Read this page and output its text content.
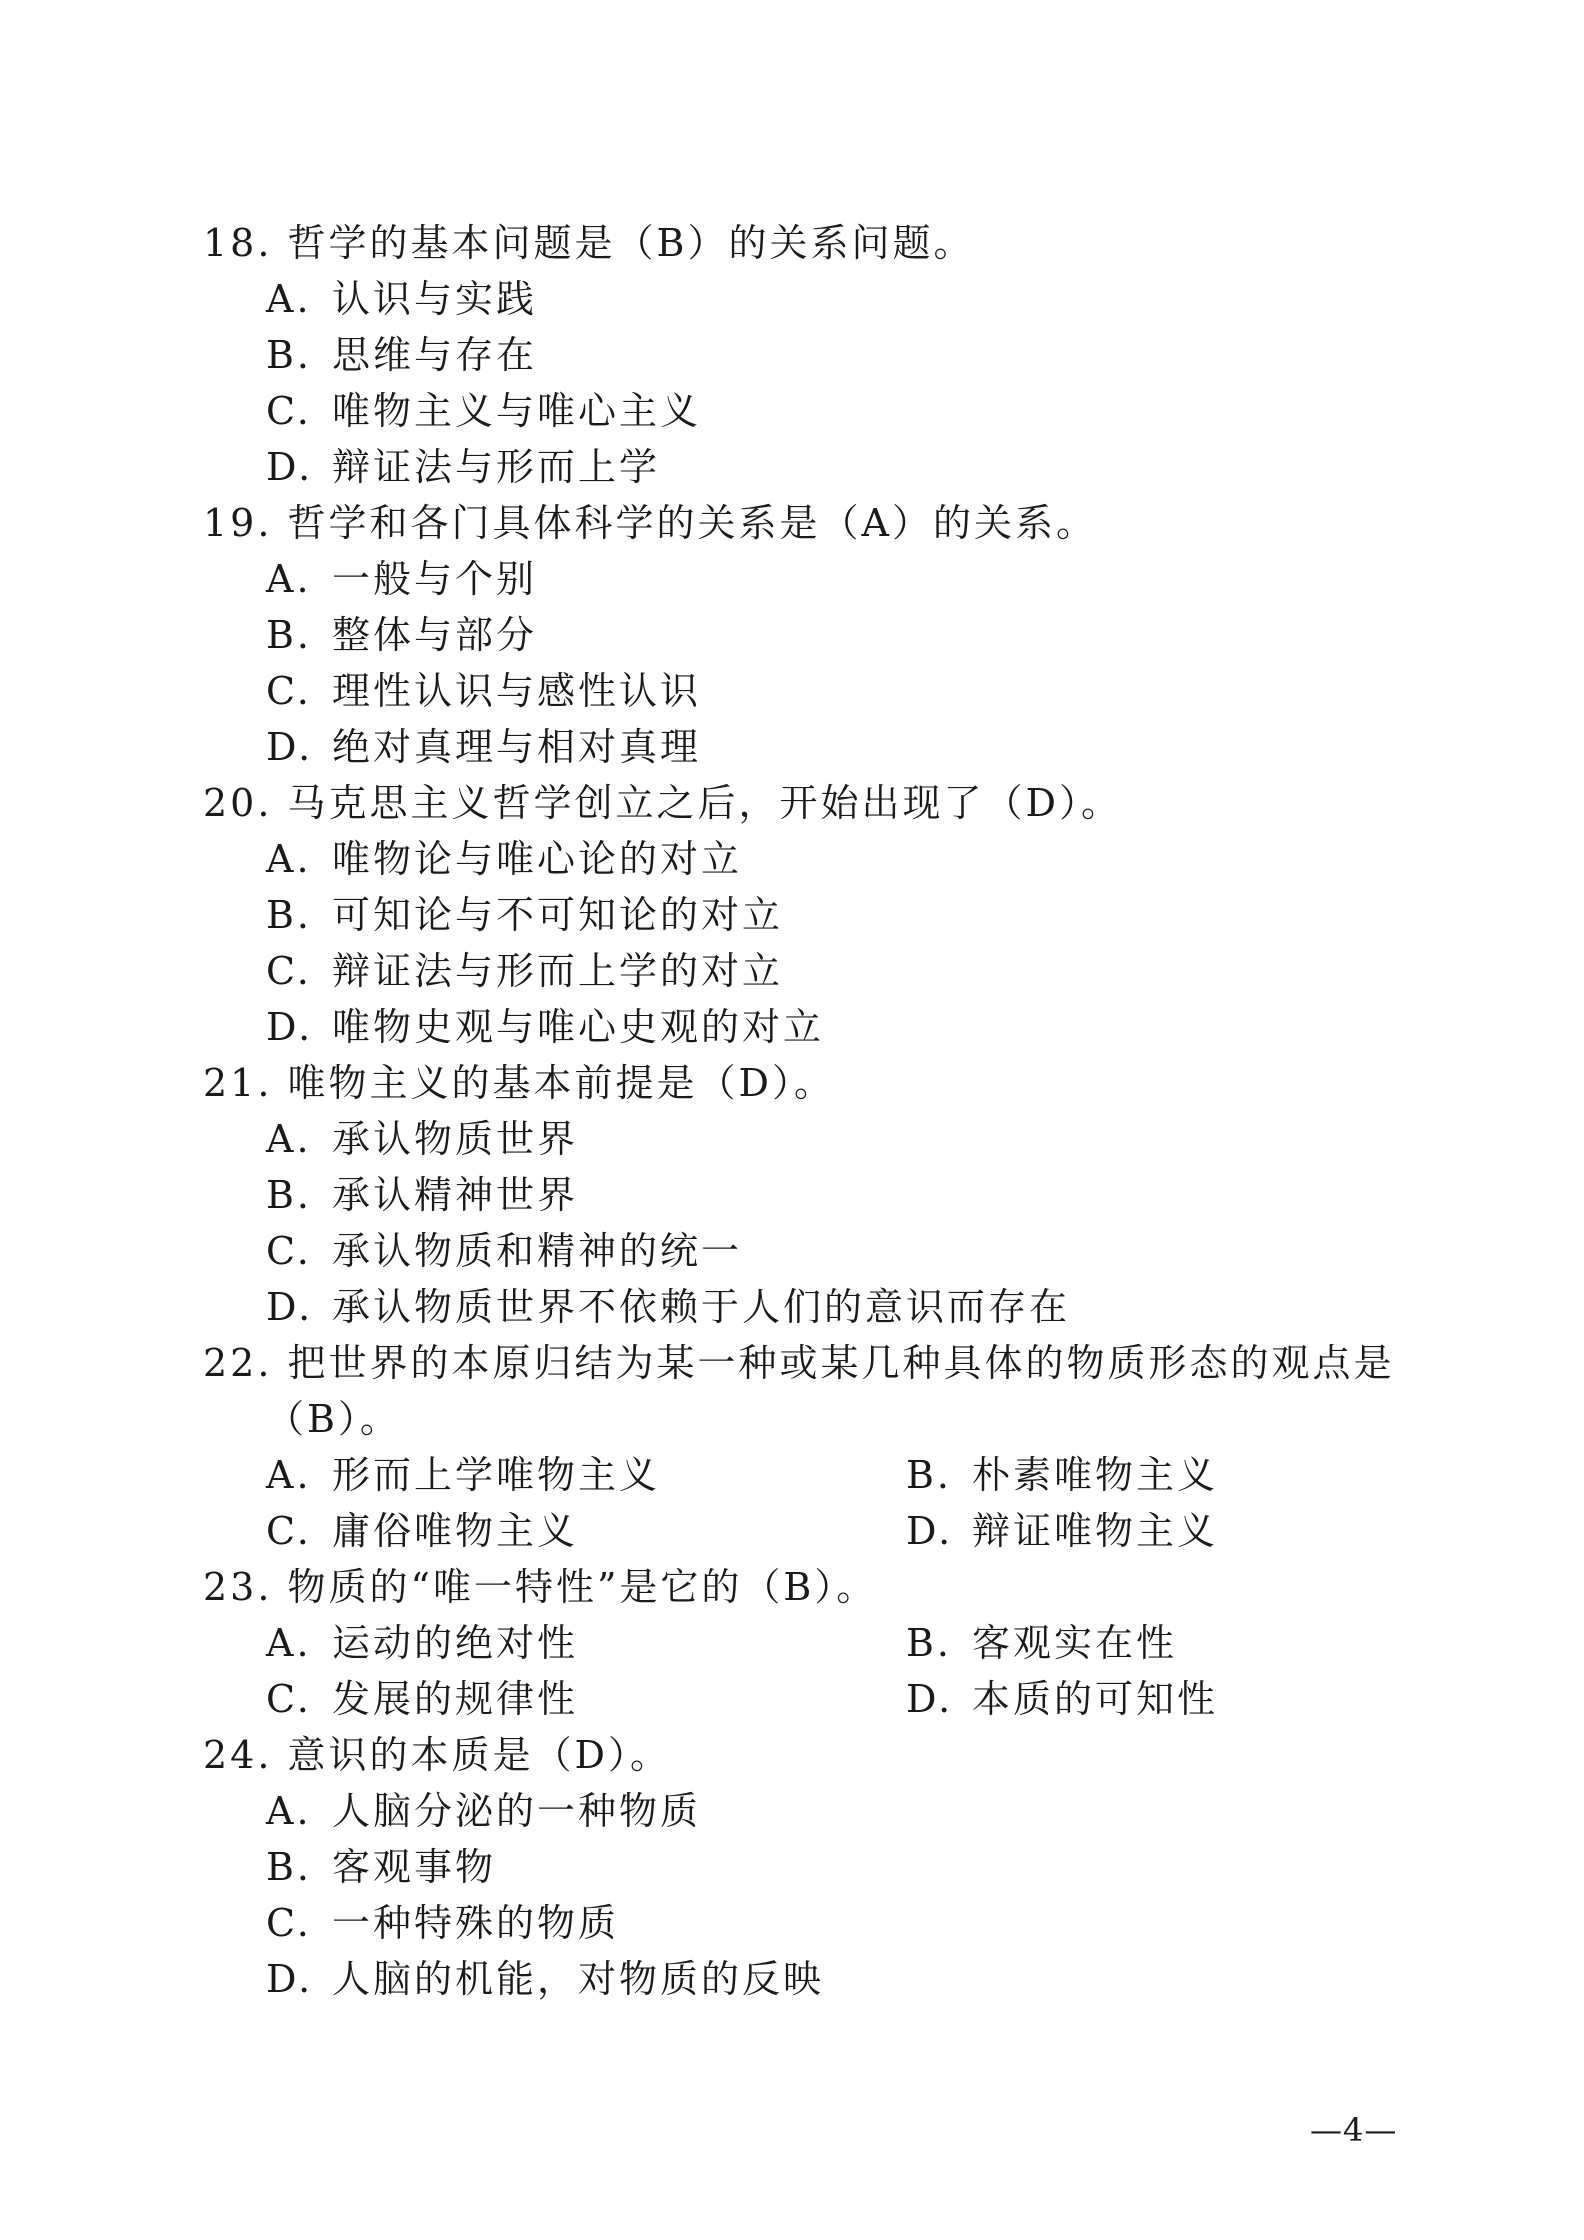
18. 哲学的基本问题是（B）的关系问题。
A. 认识与实践
B. 思维与存在
C. 唯物主义与唯心主义
D. 辩证法与形而上学
19. 哲学和各门具体科学的关系是（A）的关系。
A. 一般与个别
B. 整体与部分
C. 理性认识与感性认识
D. 绝对真理与相对真理
20. 马克思主义哲学创立之后，开始出现了（D）。
A. 唯物论与唯心论的对立
B. 可知论与不可知论的对立
C. 辩证法与形而上学的对立
D. 唯物史观与唯心史观的对立
21. 唯物主义的基本前提是（D）。
A. 承认物质世界
B. 承认精神世界
C. 承认物质和精神的统一
D. 承认物质世界不依赖于人们的意识而存在
22. 把世界的本原归结为某一种或某几种具体的物质形态的观点是（B）。
A. 形而上学唯物主义	B. 朴素唯物主义
C. 庸俗唯物主义	D. 辩证唯物主义
23. 物质的“唯一特性”是它的（B）。
A. 运动的绝对性	B. 客观实在性
C. 发展的规律性	D. 本质的可知性
24. 意识的本质是（D）。
A. 人脑分泌的一种物质
B. 客观事物
C. 一种特殊的物质
D. 人脑的机能，对物质的反映
—4—
